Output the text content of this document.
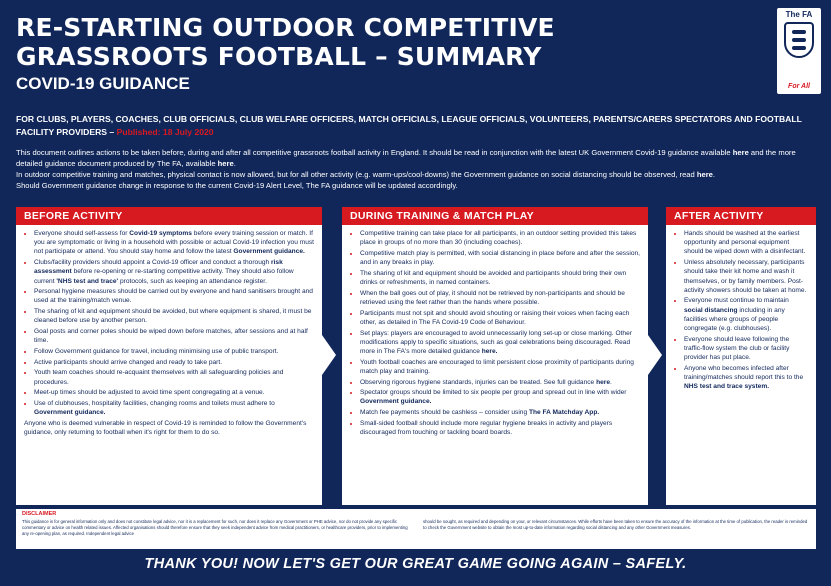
RE-STARTING OUTDOOR COMPETITIVE GRASSROOTS FOOTBALL – SUMMARY
COVID-19 GUIDANCE
The FA
For All

FOR CLUBS, PLAYERS, COACHES, CLUB OFFICIALS, CLUB WELFARE OFFICERS, MATCH OFFICIALS, LEAGUE OFFICIALS, VOLUNTEERS, PARENTS/CARERS SPECTATORS AND FOOTBALL FACILITY PROVIDERS – Published: 18 July 2020

This document outlines actions to be taken before, during and after all competitive grassroots football activity in England. It should be read in conjunction with the latest UK Government Covid-19 guidance available here and the more detailed guidance document produced by The FA, available here.

In outdoor competitive training and matches, physical contact is now allowed, but for all other activity (e.g. warm-ups/cool-downs) the Government guidance on social distancing should be observed, read here.

Should Government guidance change in response to the current Covid-19 Alert Level, The FA guidance will be updated accordingly.

BEFORE ACTIVITY
• Everyone should self-assess for Covid-19 symptoms before every training session or match. If you are symptomatic or living in a household with possible or actual Covid-19 infection you must not participate or attend. You should stay home and follow the latest Government guidance.
• Clubs/facility providers should appoint a Covid-19 officer and conduct a thorough risk assessment before re-opening or re-starting competitive activity. They should also follow current 'NHS test and trace' protocols, such as keeping an attendance register.
• Personal hygiene measures should be carried out by everyone and hand sanitisers brought and used at the training/match venue.
• The sharing of kit and equipment should be avoided, but where equipment is shared, it must be cleaned before use by another person.
• Goal posts and corner poles should be wiped down before matches, after sessions and at half time.
• Follow Government guidance for travel, including minimising use of public transport.
• Active participants should arrive changed and ready to take part.
• Youth team coaches should re-acquaint themselves with all safeguarding policies and procedures.
• Meet-up times should be adjusted to avoid time spent congregating at a venue.
• Use of clubhouses, hospitality facilities, changing rooms and toilets must adhere to Government guidance.

Anyone who is deemed vulnerable in respect of Covid-19 is reminded to follow the Government's guidance, only returning to football when it's right for them to do so.

DURING TRAINING & MATCH PLAY
• Competitive training can take place for all participants, in an outdoor setting provided this takes place in groups of no more than 30 (including coaches).
• Competitive match play is permitted, with social distancing in place before and after the session, and in any breaks in play.
• The sharing of kit and equipment should be avoided and participants should bring their own drinks or refreshments, in named containers.
• When the ball goes out of play, it should not be retrieved by non-participants and should be retrieved using the feet rather than the hands where possible.
• Participants must not spit and should avoid shouting or raising their voices when facing each other, as detailed in The FA Covid-19 Code of Behaviour.
• Set plays: players are encouraged to avoid unnecessarily long set-up or close marking. Other modifications apply to specific situations, such as goal celebrations being discouraged. Read more in The FA's more detailed guidance here.
• Youth football coaches are encouraged to limit persistent close proximity of participants during match play and training.
• Observing rigorous hygiene standards, injuries can be treated. See full guidance here.
• Spectator groups should be limited to six people per group and spread out in line with wider Government guidance.
• Match fee payments should be cashless – consider using The FA Matchday App.
• Small-sided football should include more regular hygiene breaks in activity and players discouraged from touching or tackling board boards.
AFTER ACTIVITY
• Hands should be washed at the earliest opportunity and personal equipment should be wiped down with a disinfectant.
• Unless absolutely necessary, participants should take their kit home and wash it themselves, or by family members. Post-activity showers should be taken at home.
• Everyone must continue to maintain social distancing including in any facilities where groups of people congregate (e.g. clubhouses).
• Everyone should leave following the traffic-flow system the club or facility provider has put place.
• Anyone who becomes infected after training/matches should report this to the NHS test and trace system.

DISCLAIMER

This guidance is for general information only and does not constitute legal advice, nor it is a replacement for such, nor does it replace any Government or PHE advice, nor do not provide any specific commentary or advice on health related issues. Affected organisations should therefore ensure that they seek independent advice from medical practitioners, or healthcare providers, prior to implementing any re-opening plan, as required. Independent legal advice

should be sought, as required and depending on your, or relevant circumstances. While efforts have been taken to ensure the accuracy of the information at the time of publication, the reader is reminded to check the Government website to obtain the most up-to-date information regarding social distancing and any other Government measures.

THANK YOU! NOW LET'S GET OUR GREAT GAME GOING AGAIN – SAFELY.
